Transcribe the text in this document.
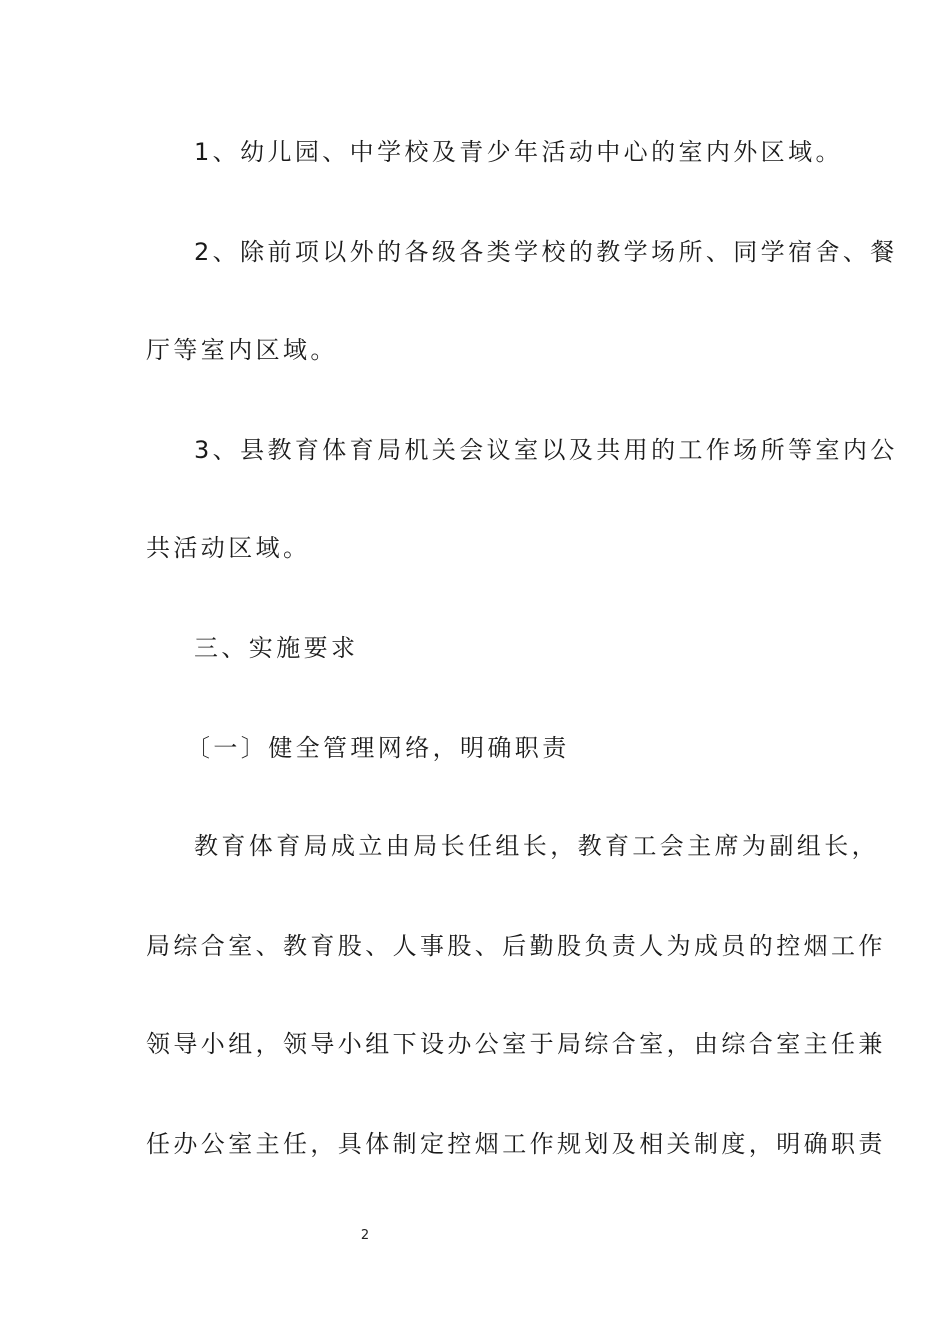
1、幼儿园、中学校及青少年活动中心的室内外区域。
2、除前项以外的各级各类学校的教学场所、同学宿舍、餐
厅等室内区域。
3、县教育体育局机关会议室以及共用的工作场所等室内公
共活动区域。
三、实施要求
〔一〕健全管理网络，明确职责
教育体育局成立由局长任组长，教育工会主席为副组长，
局综合室、教育股、人事股、后勤股负责人为成员的控烟工作
领导小组，领导小组下设办公室于局综合室，由综合室主任兼
任办公室主任，具体制定控烟工作规划及相关制度，明确职责
2
